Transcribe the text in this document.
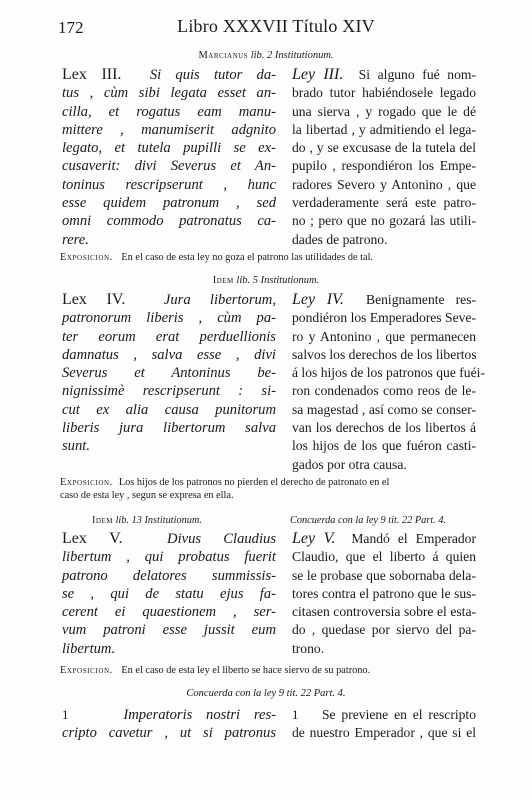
172	Libro XXXVII Título XIV
Marcianus lib. 2 Institutionum.
Lex III. Si quis tutor da-
tus , cùm sibi legata esset an-
cilla, et rogatus eam manu-
mittere , manumiserit adgnito
legato, et tutela pupilli se ex-
cusaverit: divi Severus et An-
toninus rescripserunt , hunc
esse quidem patronum , sed
omni commodo patronatus ca-
rere.
Ley III. Si alguno fué nom-
brado tutor habiéndosele legado
una sierva , y rogado que le dé
la libertad , y admitiendo el lega-
do , y se excusase de la tutela del
pupilo , respondiéron los Empe-
radores Severo y Antonino , que
verdaderamente será este patro-
no ; pero que no gozará las utili-
dades de patrono.
Exposicion. En el caso de esta ley no goza el patrono las utilidades de tal.
Idem lib. 5 Institutionum.
Lex IV.	Jura libertorum,
patronorum liberis , cùm pa-
ter eorum erat perduellionis
damnatus , salva esse , divi
Severus et Antoninus be-
nignissimè rescripserunt : si-
cut ex alia causa punitorum
liberis jura libertorum salva
sunt.
Ley IV. Benignamente res-
pondiéron los Emperadores Seve-
ro y Antonino , que permanecen
salvos los derechos de los libertos
á los hijos de los patronos que fuéi-
ron condenados como reos de le-
sa magestad , así como se conser-
van los derechos de los libertos á
los hijos de los que fuéron casti-
gados por otra causa.
Exposicion. Los hijos de los patronos no pierden el derecho de patronato en el
caso de esta ley , segun se expresa en ella.
Idem lib. 13 Institutionum.	Concuerda con la ley 9 tit. 22 Part. 4.
Lex V.	Divus Claudius
libertum , qui probatus fuerit
patrono delatores summissis-
se , qui de statu ejus fa-
cerent ei quaestionem , ser-
vum patroni esse jussit eum
libertum.
Ley V. Mandó el Emperador
Claudio, que el liberto á quien
se le probase que sobornaba dela-
tores contra el patrono que le sus-
citasen controversia sobre el esta-
do , quedase por siervo del pa-
trono.
Exposicion. En el caso de esta ley el liberto se hace siervo de su patrono.
Concuerda con la ley 9 tit. 22 Part. 4.
1	Imperatoris nostri res-
cripto cavetur , ut si patronus
1 Se previene en el rescripto
de nuestro Emperador , que si el
